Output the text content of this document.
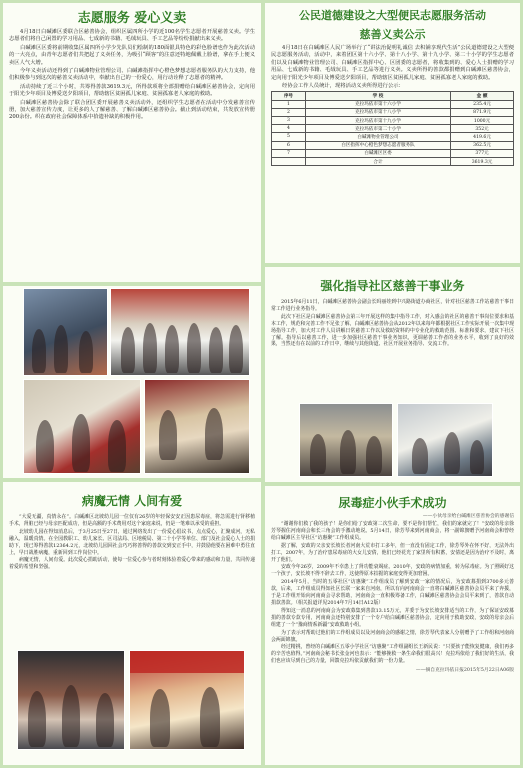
志愿服务 爱心义卖

4月18日白碱滩区委联合区慈善协会，组织区属四所小学的近100名学生志愿者开展慈善义卖。学生志愿者们将自己闲置的学习用品、七成新的书籍、毛绒玩具、手工艺品等纷纷捐献出来义卖。

白碱滩区区委将前期收集区属四所小学少先队员们绘制的180面银具特色的彩色脸谱也作为此次活动的一大亮点，由青年志愿者们共把起了义卖任务，为吸引“顾客”的注意还特地佩戴上脸谱，拿在手上便义卖区人气大增。

今年义卖活动还得到了白碱滩物业管理公司、白碱滩指挥中心橙色梦想志愿者服务队的大力支持，他们积极参与到这次的慈善义卖活动中，奉献出自己的一份爱心，用行动诠释了志愿者的精神。

活动持续了近三个小时，共筹得善款3619.3元，所得款项将全部捐赠给白碱滩区慈善协会，定向用于阳光少年项目及博爱送夕阳项目，帮助辖区贫困孤儿家庭、贫困孤寡老人家庭的救助。

白碱滩区慈善协会除了联合团区委开展慈善义卖活动外，还组织学生志愿者在活动中分发慈善宣传册，加大慈善宣传力度，让更多的人了解慈善、了解白碱滩区慈善协会。截止到活动结束，共发放宣传册200余份。织在政府社会保障体系中拾遗补缺的积极作用。

公民道德建设之大型便民志愿服务活动
慈善义卖公示

4月18日在白碱滩区人民广场举行了“讲法治促明礼诚信 去积铺享现代生活”公民道德建设之大型便民志愿服务活动，活动中，来着团区第十六小学、第十八小学、第十九小学、第二十小学的学生志愿者们以及白碱滩物业管理公司、白碱滩区指挥中心、区团委的志愿者，将收集到的、爱心人士捐赠的学习用品、七成新的书籍、毛绒玩具、手工艺品等进行义卖。义卖所得的善款都捐赠到白碱滩区慈善协会，定向用于阳光少年项目及博爱送夕阳项目，帮助辖区贫困孤儿家庭、贫困孤寡老人家庭的救助。

经协会工作人员统计，现将活动义卖所得进行公示：

序号	学 校	金 额
1	克拉玛依市第十六小学	235.4元
2	克拉玛依市第十八小学	871.9元
3	克拉玛依市第十九小学	1000元
4	克拉玛依市第二十小学	352元
5	白碱滩物业管理公司	419.6元
6	白区指挥中心橙色梦想志愿者服务队	362.5元
7	白碱滩区区委	377元
	合计	3619.3元
强化指导社区慈善干事业务

2015年6月11日，白碱滩区慈善协会副会长吗丽娃到中兴路街道办商社区，针对社区慈善工作站慈善干事日常工作进行业务指导。

此次下社区是白碱滩区慈善协会第三年开展这样的集中指导工作，对入感会的社区的慈善干事岗位要求和基本工作，规范和完善工作不足张了解，白碱滩区慈善协会从2012年以来每年都根据社区工作实际开展一次集中现场指导工作，加大对工作人员讲解日常慈善工作以及救助资料的中专业化的救助范围、标准和要求，建议下社区了解。指导后以慈善工作、进一步加强社区慈善干事业务知识，更调慈善工作者的业务水平，收到了良好的效果，当然还有在以前的工作日中，继续与其他街道、社区开展业务指导、交流工作。

病魔无情 人间有爱

“大爱无疆，真情永在”。白碱滩区北坡幼儿园一位仅有26岁的年轻保安安正因患尿毒症，将急需进行肾移植手术，肾脏已经与母亲匹配成功，但是高额的手术费用对这个家庭来说，仍是一笔难以承受的重担。

北坡幼儿园在得知消息后，于3月25日至27日，通过网络发出了一份爱心倡议书，点点爱心，汇聚成河，无私融入，温暖真情。在全园教职工、幼儿家长、区司法局、区地税局、第二十小学等单位、部门及社会爱心人士的捐助下，现已筹得善款12364.2元，北坡幼儿园回社会巧巧将善得的善款交到安正手中，并鼓励他要在困难中勇往直上，早日战胜病魔，重新回到工作岗位中。

病魔无情，人间有爱。此次爱心捐助活动，使每一位爱心参与者时刻体验着爱心带来的感动和力量，共同传递着爱的希望和坚强。

尿毒症小伙手术成功
——小伙母亲给白碱滩区慈善协会的感谢信

“谢谢你们救了我的孩子！是你们给了安政第二次生命，要不是你们帮忙，我们的家就完了！”安政的母亲徐芳琴握住河南商会和长三角会的手激动地说。5月14日，徐芳琴来到河南商会，将一副锦旗赠予河南商会和曾经给白碱滩区主导社区“访惠聚”工作组成员。

据了解，安政的父亲安长坡长者河南大荒市打工多年，但一直没有固定工作，徐芳琴外在怀不好，无法外出打工，2007年，为了治疗患尿毒症的大女儿安倩，他们已经花光了家里所有积蓄，安倩还是因为治疗不及时，离开了他们。

安政今年26岁，2009年不幸患上了肾功能衰竭症。2010年，安政的病情加重，转为尿毒症。为了照顾好这一个孩子，安长坡不得不辞去工作，这使得原本拮据的家庭变得更加窘困。

2014年5月，当时的五零社区“访惠聚”工作组成员了解到安政一家的情况后，为安政募捐到3700多元善款，后来，工作组成员得知社区长联一家来自河南，所以有向河南商会一直将白碱滩区慈善协会员平来了奔援，于是工作组开始向河南商会寻求帮助，河南商会一直积极筹备工作，白碱滩区慈善协会会员平来到了，善款自动捐款善款。（相关报道详见2014年7月14日A12版）

得知这一消息的河南商会为安政募集到善款13.15万元，并委于为安长坡安排适当的工作，为了保证安政募捐的善款专款专用，河南商会还特别安排了一个专户给白碱滩区慈善协会，定向用于救助安政，安政的母亲会后组建了一个“豫商情系新疆”安政救助小组。

为了表示对帮助过他们的工作组成员以及河南商会的感谢之情，徐芳琴代表家人分别赠予了工作组和河南商会两面锦旗。

经过精挑，曾经的白碱滩区五零小学社区“访惠聚”工作组副组长王新民说：“只要孩子能恢复健康，我们再多的辛苦也值得。”河南商会秘书长张金河也表示：“能够挽救一条生命我们很高兴！克拉玛依给了我们好的生活，我们也应该尽到自己的力量，回馈克拉玛依贡献我们的一份力量。

——摘自克拉玛依日报2015年5月22日A06版
